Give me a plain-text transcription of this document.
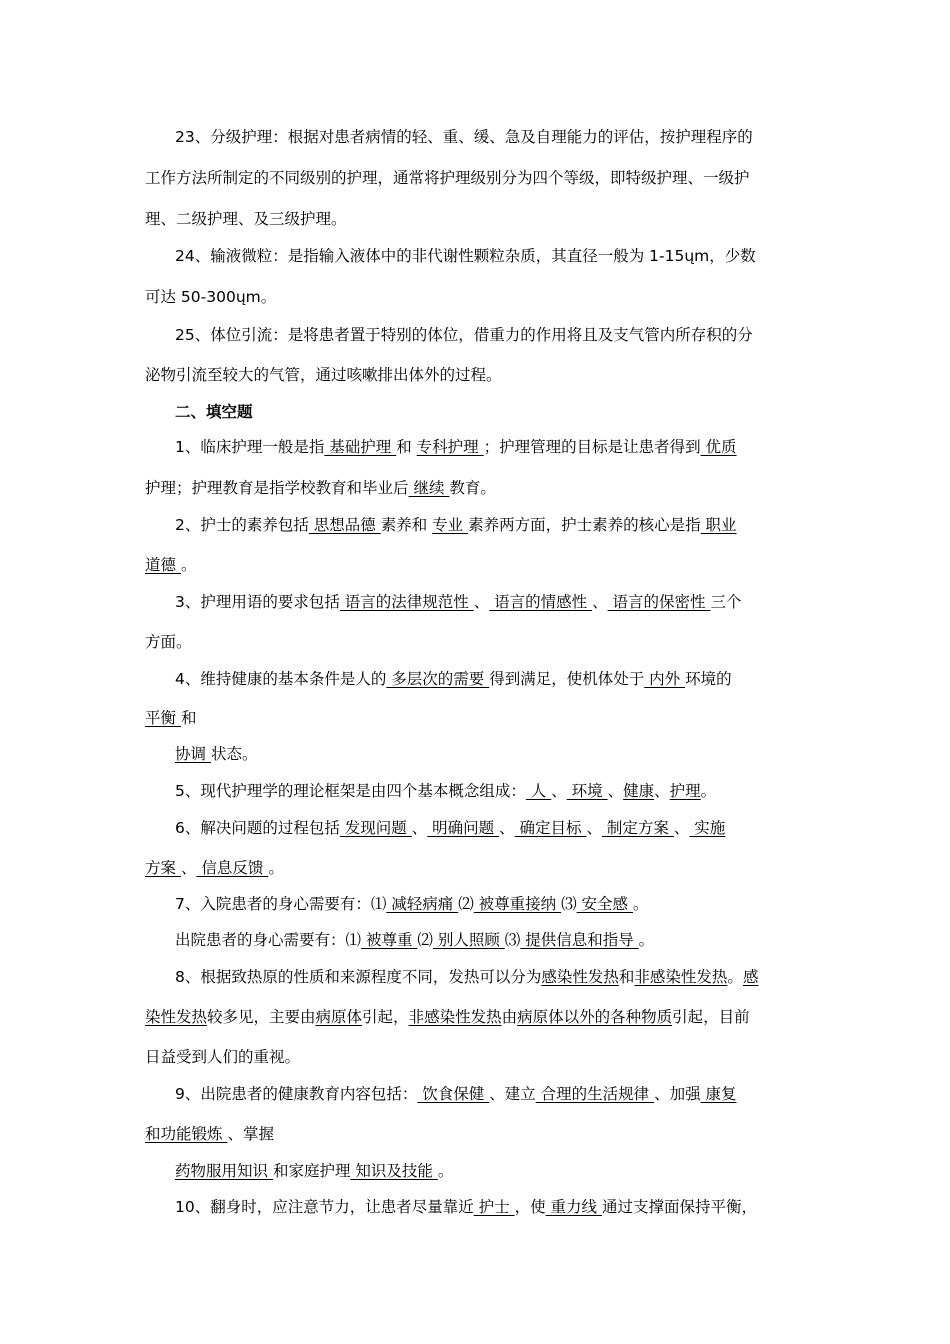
23、分级护理：根据对患者病情的轻、重、缓、急及自理能力的评估，按护理程序的
工作方法所制定的不同级别的护理，通常将护理级别分为四个等级，即特级护理、一级护
理、二级护理、及三级护理。
24、输液微粒：是指输入液体中的非代谢性颗粒杂质，其直径一般为 1-15ųm，少数
可达 50-300ųm。
25、体位引流：是将患者置于特别的体位，借重力的作用将且及支气管内所存积的分
泌物引流至较大的气管，通过咳嗽排出体外的过程。
二、填空题
1、临床护理一般是指 基础护理 和 专科护理 ；护理管理的目标是让患者得到 优质
护理；护理教育是指学校教育和毕业后 继续 教育。
2、护士的素养包括 思想品德 素养和 专业 素养两方面，护士素养的核心是指 职业
道德 。
3、护理用语的要求包括 语言的法律规范性 、 语言的情感性 、 语言的保密性 三个
方面。
4、维持健康的基本条件是人的 多层次的需要 得到满足，使机体处于 内外 环境的
平衡 和
协调 状态。
5、现代护理学的理论框架是由四个基本概念组成： 人 、 环境 、健康、护理。
6、解决问题的过程包括 发现问题 、 明确问题 、 确定目标 、 制定方案 、 实施
方案 、 信息反馈 。
7、入院患者的身心需要有：⑴ 减轻病痛 ⑵ 被尊重接纳 ⑶ 安全感 。
出院患者的身心需要有：⑴ 被尊重 ⑵ 别人照顾 ⑶ 提供信息和指导 。
8、根据致热原的性质和来源程度不同，发热可以分为感染性发热和非感染性发热。感
染性发热较多见，主要由病原体引起，非感染性发热由病原体以外的各种物质引起，目前
日益受到人们的重视。
9、出院患者的健康教育内容包括： 饮食保健 、建立 合理的生活规律 、加强 康复
和功能锻炼 、掌握
药物服用知识 和家庭护理 知识及技能 。
10、翻身时，应注意节力，让患者尽量靠近 护士 ，使 重力线 通过支撑面保持平衡，
